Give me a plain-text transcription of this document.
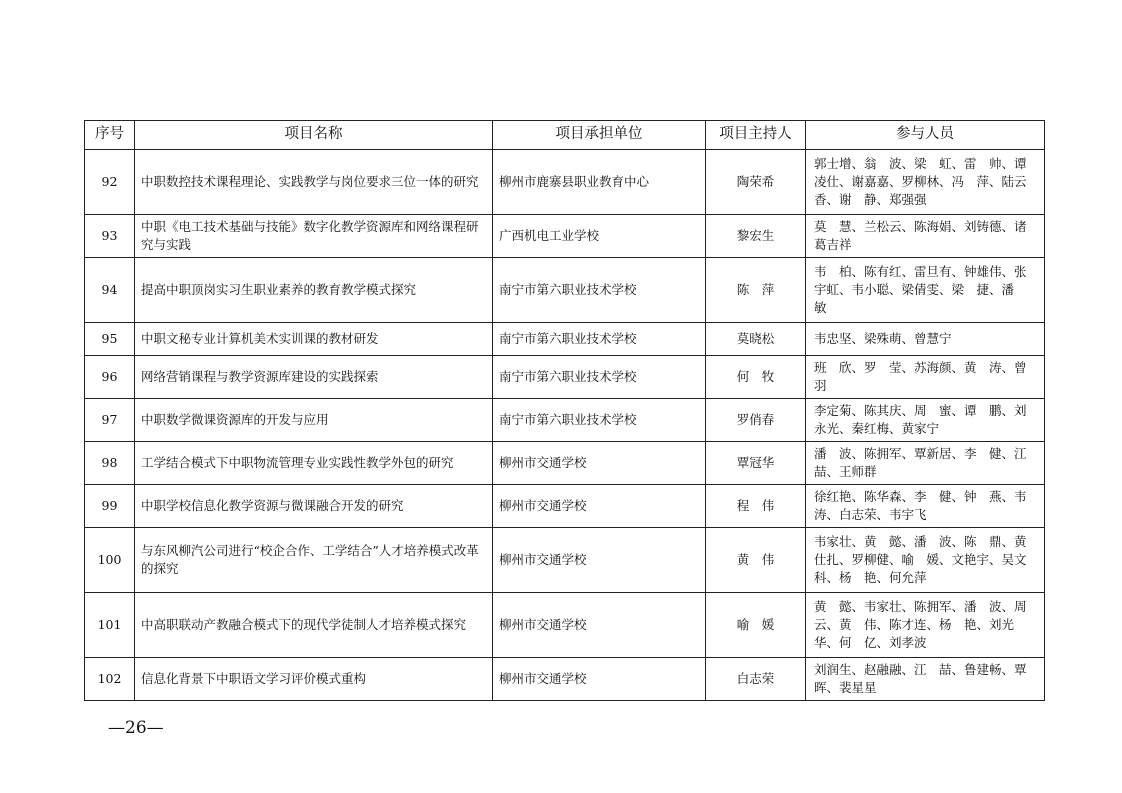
序号	项目名称	项目承担单位	项目主持人	参与人员
92	中职数控技术课程理论、实践教学与岗位要求三位一体的研究	柳州市鹿寨县职业教育中心	陶荣希	郭士增、翁　波、梁　虹、雷　帅、谭凌仕、谢嘉嘉、罗柳林、冯　萍、陆云香、谢　静、郑强强
93	中职《电工技术基础与技能》数字化教学资源库和网络课程研究与实践	广西机电工业学校	黎宏生	莫　慧、兰松云、陈海娟、刘铸德、诸葛吉祥
94	提高中职顶岗实习生职业素养的教育教学模式探究	南宁市第六职业技术学校	陈　萍	韦　柏、陈有红、雷旦有、钟雄伟、张宇虹、韦小聪、梁倩雯、梁　捷、潘　敏
95	中职文秘专业计算机美术实训课的教材研发	南宁市第六职业技术学校	莫晓松	韦忠坚、梁殊萌、曾慧宁
96	网络营销课程与教学资源库建设的实践探索	南宁市第六职业技术学校	何　牧	班　欣、罗　莹、苏海颜、黄　涛、曾　羽
97	中职数学微课资源库的开发与应用	南宁市第六职业技术学校	罗俏春	李定菊、陈其庆、周　蜜、谭　鹏、刘永光、秦红梅、黄家宁
98	工学结合模式下中职物流管理专业实践性教学外包的研究	柳州市交通学校	覃冠华	潘　波、陈拥军、覃新居、李　健、江　喆、王师群
99	中职学校信息化教学资源与微课融合开发的研究	柳州市交通学校	程　伟	徐红艳、陈华森、李　健、钟　燕、韦　涛、白志荣、韦宇飞
100	与东风柳汽公司进行“校企合作、工学结合”人才培养模式改革的探究	柳州市交通学校	黄　伟	韦家壮、黄　懿、潘　波、陈　鼎、黄仕扎、罗柳健、喻　媛、文艳宇、吴文科、杨　艳、何允萍
101	中高职联动产教融合模式下的现代学徒制人才培养模式探究	柳州市交通学校	喻　媛	黄　懿、韦家壮、陈拥军、潘　波、周　云、黄　伟、陈才连、杨　艳、刘光华、何　亿、刘孝波
102	信息化背景下中职语文学习评价模式重构	柳州市交通学校	白志荣	刘润生、赵融融、江　喆、鲁建畅、覃　晖、裴星星
—26—
